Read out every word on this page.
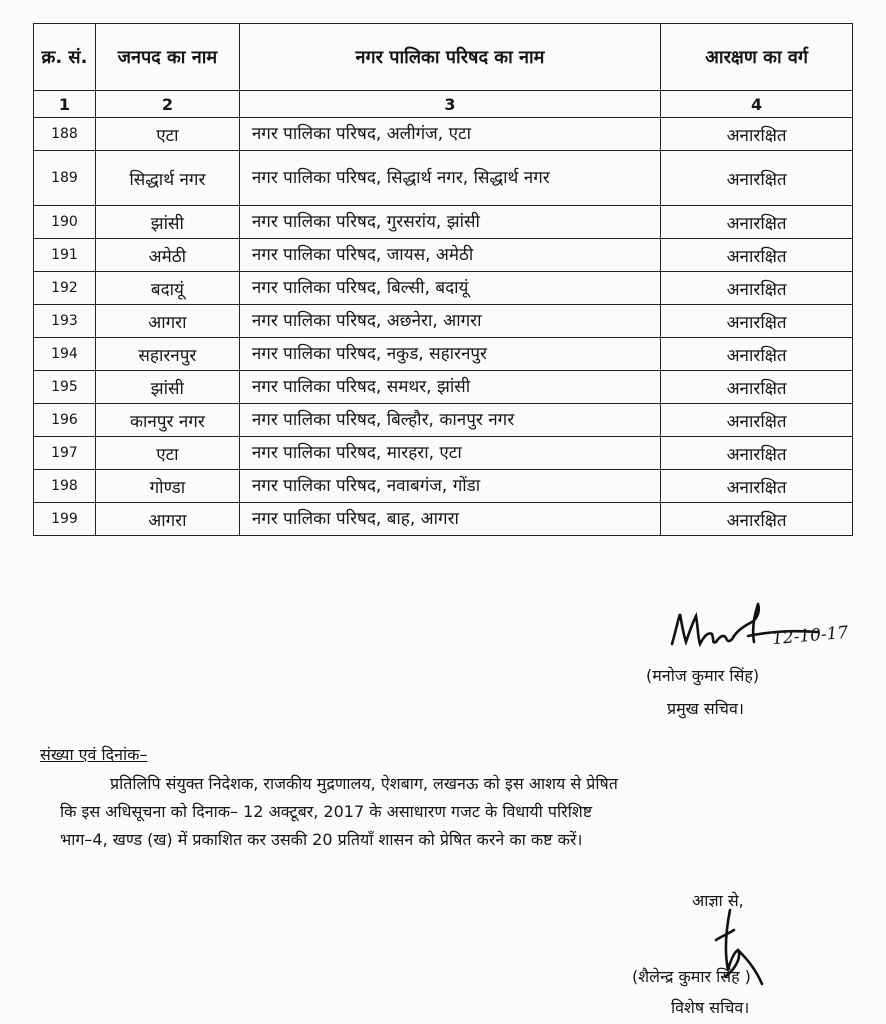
क्र. सं.	जनपद का नाम	नगर पालिका परिषद का नाम	आरक्षण का वर्ग
1	2	3	4
188	एटा	नगर पालिका परिषद, अलीगंज, एटा	अनारक्षित
189	सिद्धार्थ नगर	नगर पालिका परिषद, सिद्धार्थ नगर, सिद्धार्थ नगर	अनारक्षित
190	झांसी	नगर पालिका परिषद, गुरसरांय, झांसी	अनारक्षित
191	अमेठी	नगर पालिका परिषद, जायस, अमेठी	अनारक्षित
192	बदायूं	नगर पालिका परिषद, बिल्सी, बदायूं	अनारक्षित
193	आगरा	नगर पालिका परिषद, अछनेरा, आगरा	अनारक्षित
194	सहारनपुर	नगर पालिका परिषद, नकुड, सहारनपुर	अनारक्षित
195	झांसी	नगर पालिका परिषद, समथर, झांसी	अनारक्षित
196	कानपुर नगर	नगर पालिका परिषद, बिल्हौर, कानपुर नगर	अनारक्षित
197	एटा	नगर पालिका परिषद, मारहरा, एटा	अनारक्षित
198	गोण्डा	नगर पालिका परिषद, नवाबगंज, गोंडा	अनारक्षित
199	आगरा	नगर पालिका परिषद, बाह, आगरा	अनारक्षित
12-10-17
(मनोज कुमार सिंह)
प्रमुख सचिव।
संख्या एवं दिनांक–
प्रतिलिपि संयुक्त निदेशक, राजकीय मुद्रणालय, ऐशबाग, लखनऊ को इस आशय से प्रेषित
कि इस अधिसूचना को दिनाक– 12 अक्टूबर, 2017 के असाधारण गजट के विधायी परिशिष्ट
भाग–4, खण्ड (ख) में प्रकाशित कर उसकी 20 प्रतियाँ शासन को प्रेषित करने का कष्ट करें।
आज्ञा से,
(शैलेन्द्र कुमार सिंह )
विशेष सचिव।
